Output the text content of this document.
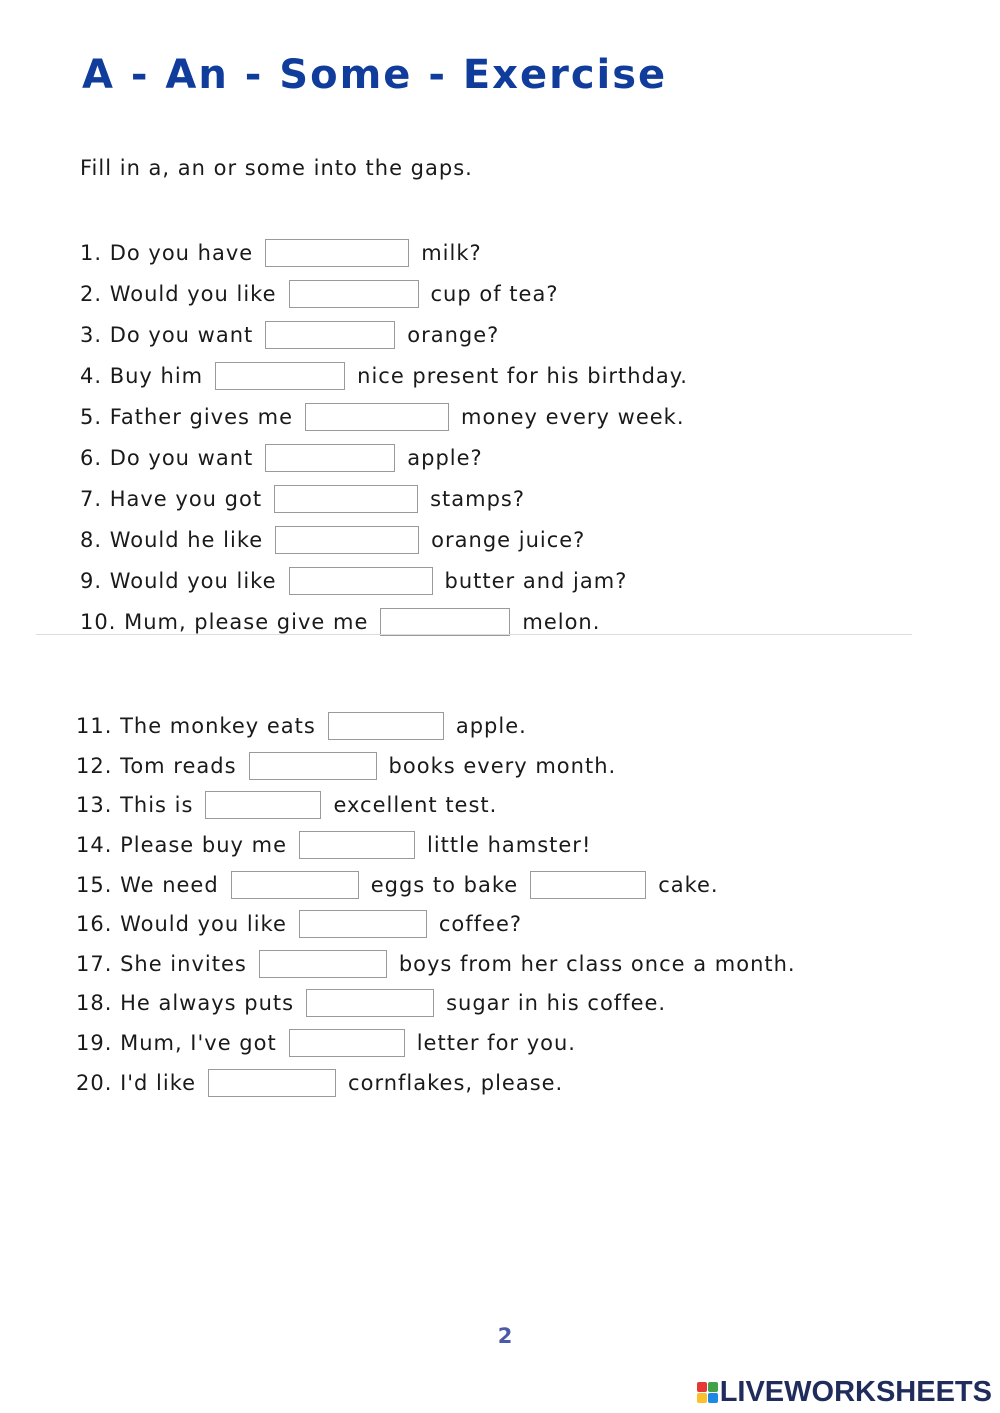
A - An - Some - Exercise
Fill in a, an or some into the gaps.
1. Do you have	milk?
2. Would you like	cup of tea?
3. Do you want	orange?
4. Buy him	nice present for his birthday.
5. Father gives me	money every week.
6. Do you want	apple?
7. Have you got	stamps?
8. Would he like	orange juice?
9. Would you like	butter and jam?
10. Mum, please give me	melon.
11. The monkey eats	apple.
12. Tom reads	books every month.
13. This is	excellent test.
14. Please buy me	little hamster!
15. We need	eggs to bake	cake.
16. Would you like	coffee?
17. She invites	boys from her class once a month.
18. He always puts	sugar in his coffee.
19. Mum, I've got	letter for you.
20. I'd like	cornflakes, please.
2
LIVEWORKSHEETS
